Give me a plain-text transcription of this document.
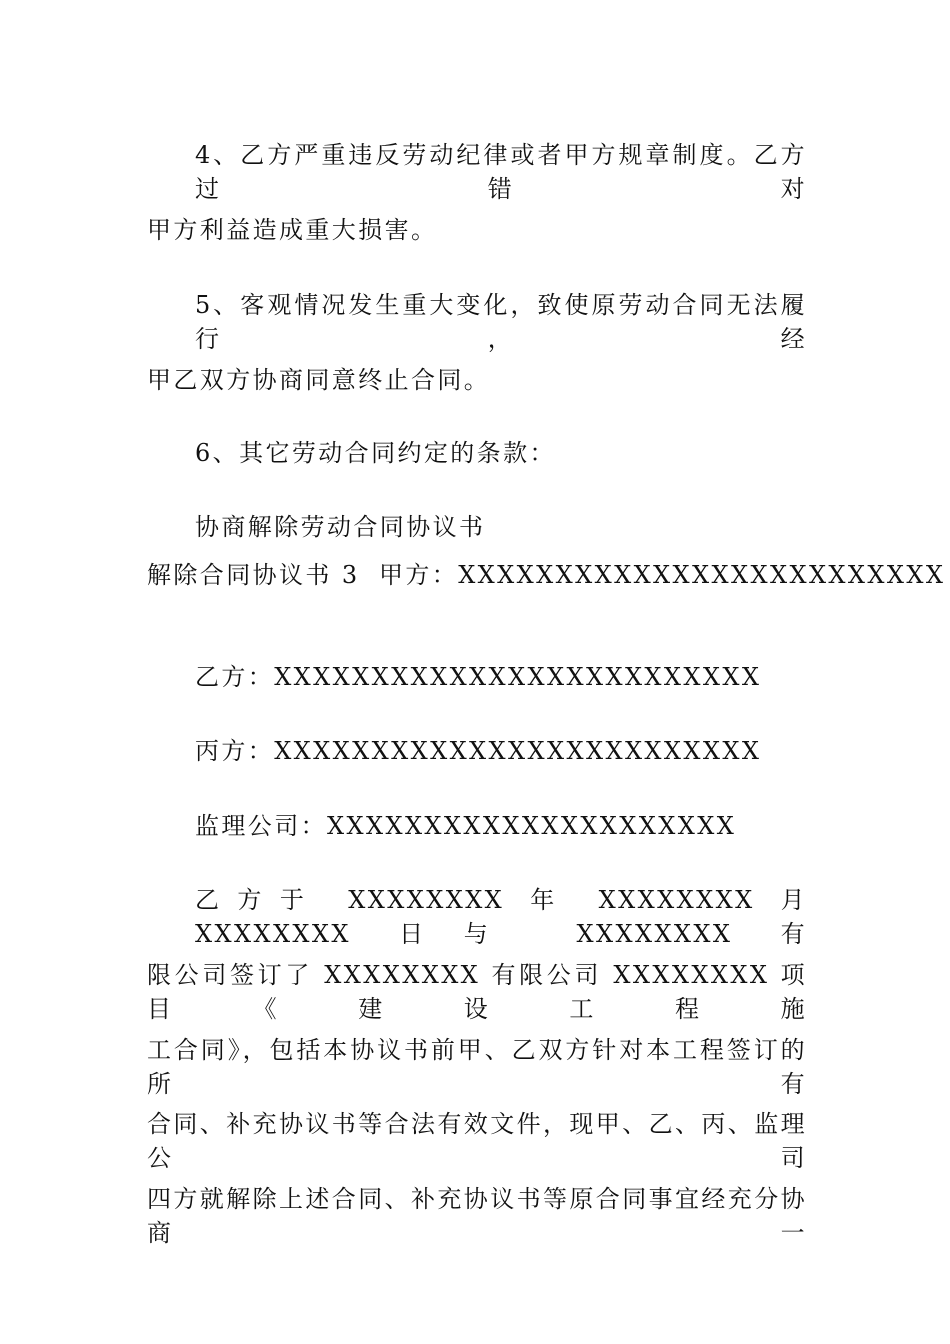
4、乙方严重违反劳动纪律或者甲方规章制度。乙方过错对
甲方利益造成重大损害。
5、客观情况发生重大变化，致使原劳动合同无法履行，经
甲乙双方协商同意终止合同。
6、其它劳动合同约定的条款：
协商解除劳动合同协议书
解除合同协议书 3 甲方：XXXXXXXXXXXXXXXXXXXXXXXXX
乙方：XXXXXXXXXXXXXXXXXXXXXXXXX
丙方：XXXXXXXXXXXXXXXXXXXXXXXXX
监理公司：XXXXXXXXXXXXXXXXXXXXX
乙方于 XXXXXXXX 年 XXXXXXXX 月 XXXXXXXX 日与 XXXXXXXX 有
限公司签订了 XXXXXXXX 有限公司 XXXXXXXX 项目《建设工程施
工合同》，包括本协议书前甲、乙双方针对本工程签订的所有
合同、补充协议书等合法有效文件，现甲、乙、丙、监理公司
四方就解除上述合同、补充协议书等原合同事宜经充分协商一
